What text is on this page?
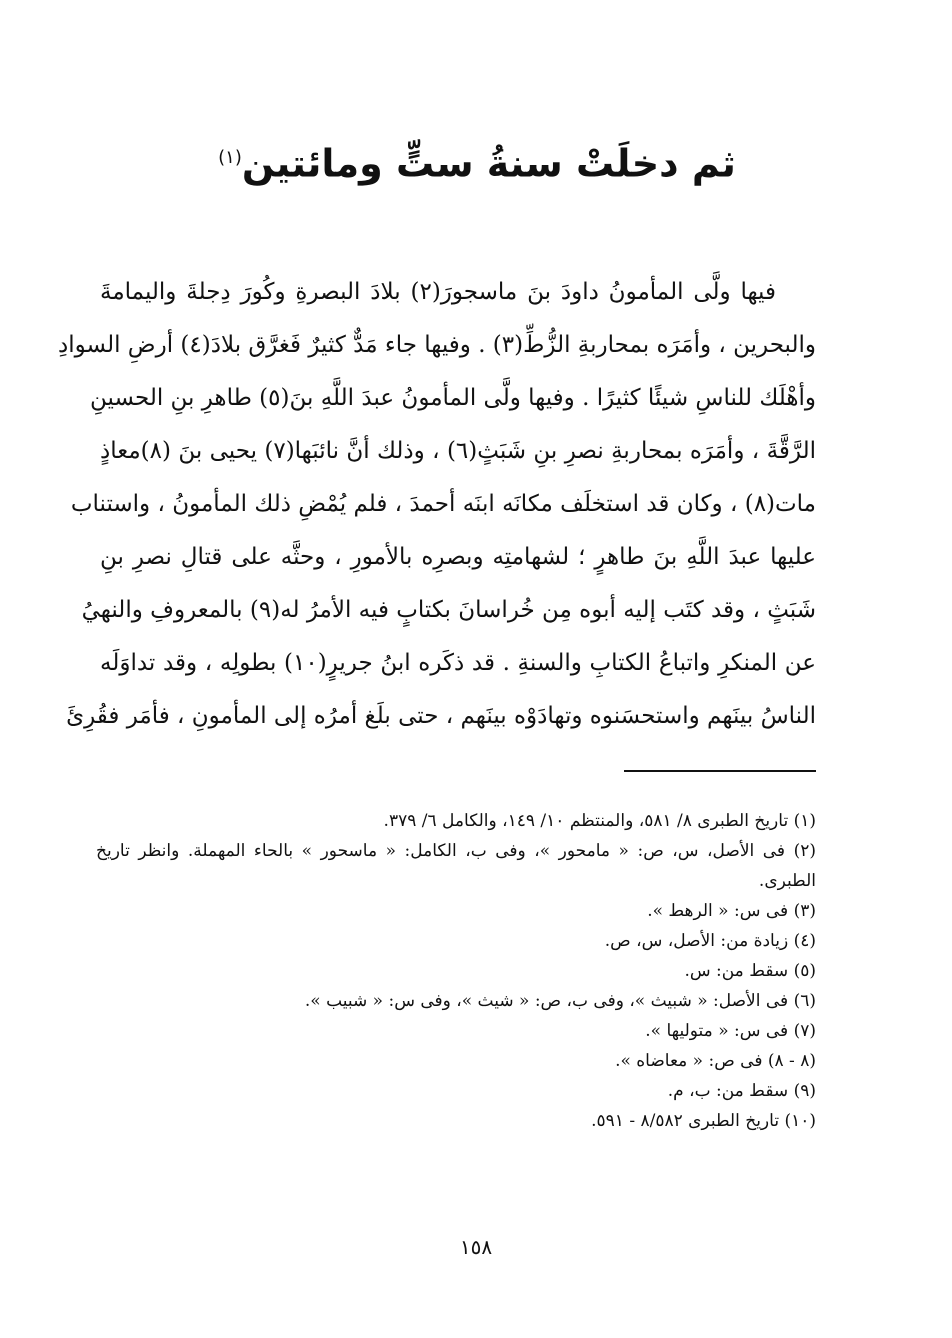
ثم دخلَتْ سنةُ ستٍّ ومائتين$^{(١)}$
فيها ولَّى المأمونُ داودَ بنَ ماسجورَ(٢) بلادَ البصرةِ وكُورَ دِجلةَ واليمامةَ
والبحرين ، وأمَرَه بمحاربةِ الزُّطِّ(٣) . وفيها جاء مَدٌّ كثيرٌ فَغرَّق بلادَ(٤) أرضِ السوادِ
وأهْلَك للناسِ شيئًا كثيرًا . وفيها ولَّى المأمونُ عبدَ اللَّهِ بنَ(٥) طاهرِ بنِ الحسينِ
الرَّقَّةَ ، وأمَرَه بمحاربةِ نصرِ بنِ شَبَثٍ(٦) ، وذلك أنَّ نائبَها(٧) يحيى بنَ (٨)معاذٍ
مات(٨) ، وكان قد استخلَف مكانَه ابنَه أحمدَ ، فلم يُمْضِ ذلك المأمونُ ، واستناب
عليها عبدَ اللَّهِ بنَ طاهرٍ ؛ لشهامتِه وبصرِه بالأمورِ ، وحثَّه على قتالِ نصرِ بنِ
شَبَثٍ ، وقد كتَب إليه أبوه مِن خُراسانَ بكتابٍ فيه الأمرُ له(٩) بالمعروفِ والنهيُ
عن المنكرِ واتباعُ الكتابِ والسنةِ . قد ذكَره ابنُ جريرٍ(١٠) بطولِه ، وقد تداوَلَه
الناسُ بينَهم واستحسَنوه وتهادَوْه بينَهم ، حتى بلَغ أمرُه إلى المأمونِ ، فأمَر فقُرِئَ
(١) تاريخ الطبرى ٨/ ٥٨١، والمنتظم ١٠/ ١٤٩، والكامل ٦/ ٣٧٩.
(٢) فى الأصل، س، ص: « مامحور »، وفى ب، الكامل: « ماسحور » بالحاء المهملة. وانظر تاريخ
الطبرى.
(٣) فى س: « الرهط ».
(٤) زيادة من: الأصل، س، ص.
(٥) سقط من: س.
(٦) فى الأصل: « شبيث »، وفى ب، ص: « شيث »، وفى س: « شبيب ».
(٧) فى س: « متوليها ».
(٨ - ٨) فى ص: « معاضاه ».
(٩) سقط من: ب، م.
(١٠) تاريخ الطبرى ٨/٥٨٢ - ٥٩١.
١٥٨
